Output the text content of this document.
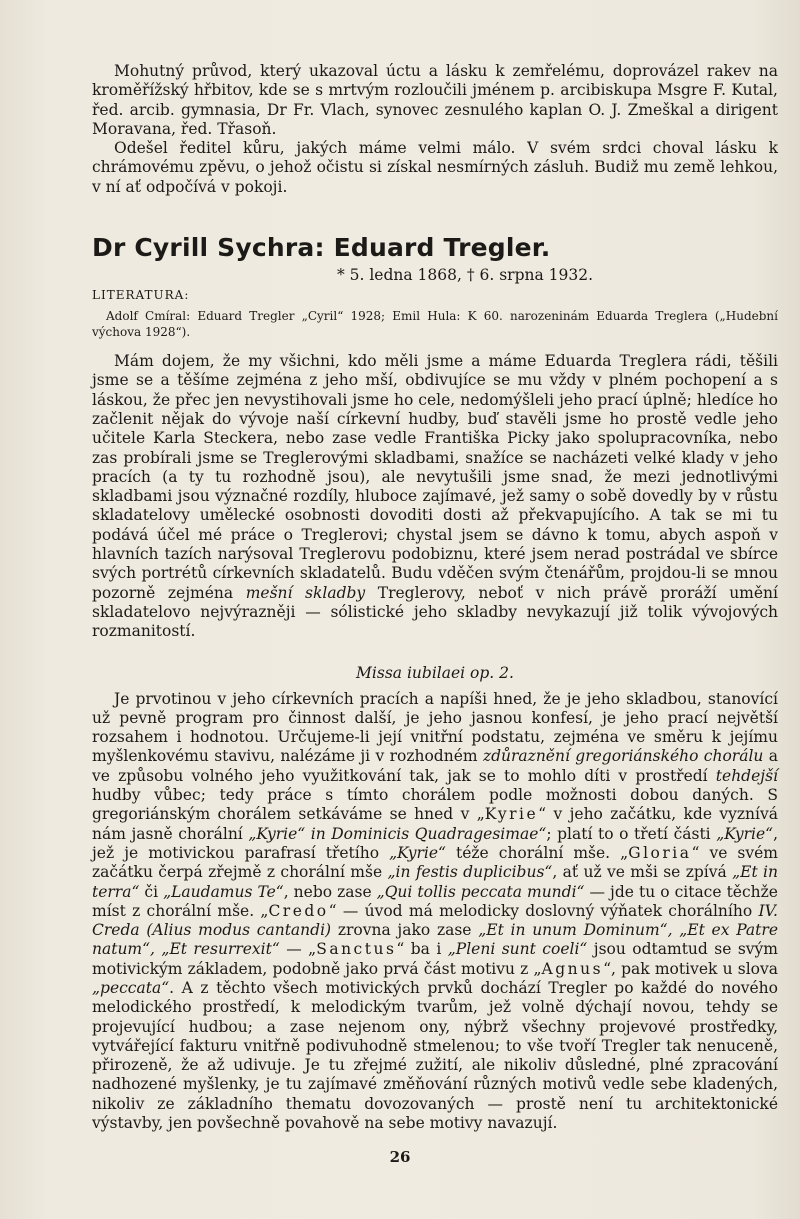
Mohutný průvod, který ukazoval úctu a lásku k zemřelému, doprovázel rakev na kroměřížský hřbitov, kde se s mrtvým rozloučili jménem p. arcibiskupa Msgre F. Kutal, řed. arcib. gymnasia, Dr Fr. Vlach, synovec zesnulého kaplan O. J. Zmeškal a dirigent Moravana, řed. Třasoň.

Odešel ředitel kůru, jakých máme velmi málo. V svém srdci choval lásku k chrámovému zpěvu, o jehož očistu si získal nesmírných zásluh. Budiž mu země lehkou, v ní ať odpočívá v pokoji.

Dr Cyrill Sychra: Eduard Tregler.
* 5. ledna 1868, † 6. srpna 1932.
LITERATURA:

Adolf Cmíral: Eduard Tregler „Cyril“ 1928; Emil Hula: K 60. narozeninám Eduarda Treglera („Hudební výchova 1928“).

Mám dojem, že my všichni, kdo měli jsme a máme Eduarda Treglera rádi, těšili jsme se a těšíme zejména z jeho mší, obdivujíce se mu vždy v plném pochopení a s láskou, že přec jen nevystihovali jsme ho cele, nedomýšleli jeho prací úplně; hledíce ho začlenit nějak do vývoje naší církevní hudby, buď stavěli jsme ho prostě vedle jeho učitele Karla Steckera, nebo zase vedle Františka Picky jako spolupracovníka, nebo zas probírali jsme se Treglerovými skladbami, snažíce se nacházeti velké klady v jeho pracích (a ty tu rozhodně jsou), ale nevytušili jsme snad, že mezi jednotlivými skladbami jsou význačné rozdíly, hluboce zajímavé, jež samy o sobě dovedly by v růstu skladatelovy umělecké osobnosti dovoditi dosti až překvapujícího. A tak se mi tu podává účel mé práce o Treglerovi; chystal jsem se dávno k tomu, abych aspoň v hlavních tazích narýsoval Treglerovu podobiznu, které jsem nerad postrádal ve sbírce svých portrétů církevních skladatelů. Budu vděčen svým čtenářům, projdou-li se mnou pozorně zejména mešní skladby Treglerovy, neboť v nich právě proráží umění skladatelovo nejvýrazněji — sólistické jeho skladby nevykazují již tolik vývojových rozmanitostí.

Missa iubilaei op. 2.

Je prvotinou v jeho církevních pracích a napíši hned, že je jeho skladbou, stanovící už pevně program pro činnost další, je jeho jasnou konfesí, je jeho prací největší rozsahem i hodnotou. Určujeme-li její vnitřní podstatu, zejména ve směru k jejímu myšlenkovému stavivu, nalézáme ji v rozhodném zdůraznění gregoriánského chorálu a ve způsobu volného jeho využitkování tak, jak se to mohlo díti v prostředí tehdejší hudby vůbec; tedy práce s tímto chorálem podle možnosti dobou daných. S gregoriánským chorálem setkáváme se hned v „Kyrie“ v jeho začátku, kde vyznívá nám jasně chorální „Kyrie“ in Dominicis Quadragesimae“; platí to o třetí části „Kyrie“, jež je motivickou parafrasí třetího „Kyrie“ téže chorální mše. „Gloria“ ve svém začátku čerpá zřejmě z chorální mše „in festis duplicibus“, ať už ve mši se zpívá „Et in terra“ či „Laudamus Te“, nebo zase „Qui tollis peccata mundi“ — jde tu o citace těchže míst z chorální mše. „Credo“ — úvod má melodicky doslovný výňatek chorálního IV. Creda (Alius modus cantandi) zrovna jako zase „Et in unum Dominum“, „Et ex Patre natum“, „Et resurrexit“ — „Sanctus“ ba i „Pleni sunt coeli“ jsou odtamtud se svým motivickým základem, podobně jako prvá část motivu z „Agnus“, pak motivek u slova „peccata“. A z těchto všech motivických prvků dochází Tregler po každé do nového melodického prostředí, k melodickým tvarům, jež volně dýchají novou, tehdy se projevující hudbou; a zase nejenom ony, nýbrž všechny projevové prostředky, vytvářející fakturu vnitřně podivuhodně stmelenou; to vše tvoří Tregler tak nenuceně, přirozeně, že až udivuje. Je tu zřejmé zužití, ale nikoliv důsledné, plné zpracování nadhozené myšlenky, je tu zajímavé změňování různých motivů vedle sebe kladených, nikoliv ze základního thematu dovozovaných — prostě není tu architektonické výstavby, jen povšechně povahově na sebe motivy navazují.

26
